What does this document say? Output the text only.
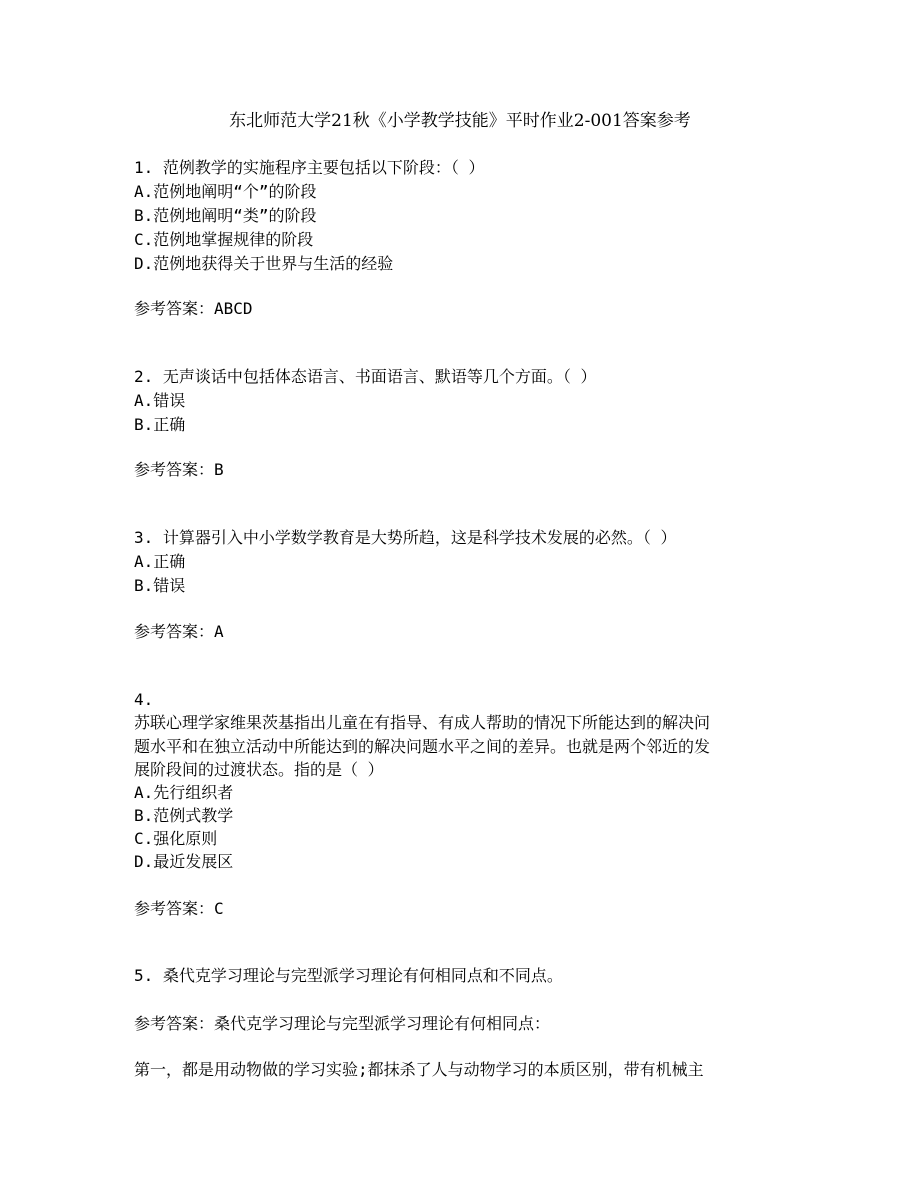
东北师范大学21秋《小学教学技能》平时作业2-001答案参考
1. 范例教学的实施程序主要包括以下阶段：（ ）
A.范例地阐明“个”的阶段
B.范例地阐明“类”的阶段
C.范例地掌握规律的阶段
D.范例地获得关于世界与生活的经验
参考答案：ABCD
2. 无声谈话中包括体态语言、书面语言、默语等几个方面。（ ）
A.错误
B.正确
参考答案：B
3. 计算器引入中小学数学教育是大势所趋，这是科学技术发展的必然。（ ）
A.正确
B.错误
参考答案：A
4.
苏联心理学家维果茨基指出儿童在有指导、有成人帮助的情况下所能达到的解决问
题水平和在独立活动中所能达到的解决问题水平之间的差异。也就是两个邻近的发
展阶段间的过渡状态。指的是（ ）
A.先行组织者
B.范例式教学
C.强化原则
D.最近发展区
参考答案：C
5. 桑代克学习理论与完型派学习理论有何相同点和不同点。
参考答案：桑代克学习理论与完型派学习理论有何相同点：
第一，都是用动物做的学习实验;都抹杀了人与动物学习的本质区别，带有机械主
